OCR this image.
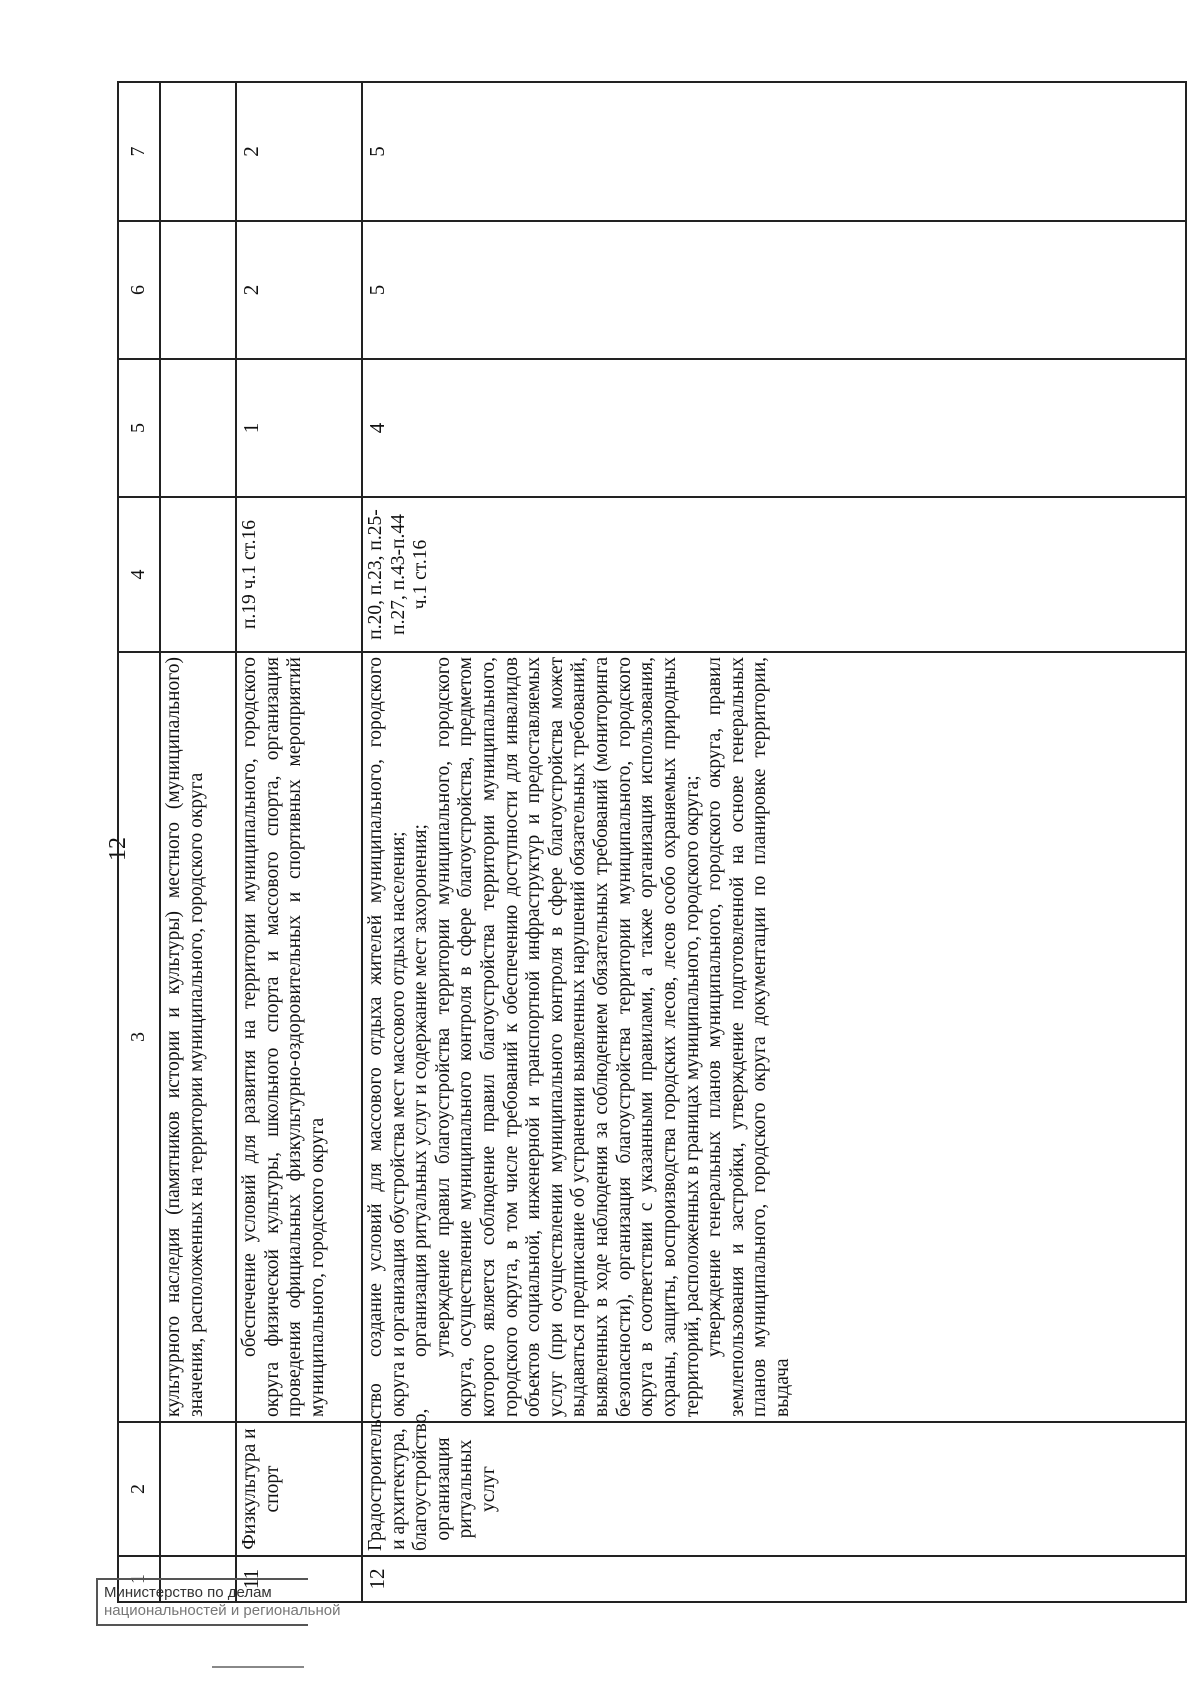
12
1	2	3	4	5	6	7

		культурного наследия (памятников истории и культуры) местного (муниципального) значения, расположенных на территории муниципального, городского округа				

11	Физкультура и спорт	обеспечение условий для развития на территории муниципального, городского округа физической культуры, школьного спорта и массового спорта, организация проведения официальных физкультурно-оздоровительных и спортивных мероприятий муниципального, городского округа	п.19 ч.1 ст.16	1	2	2
12	Градостроительство и архитектура, благоустройство, организация ритуальных услуг	создание условий для массового отдыха жителей муниципального, городского округа и организация обустройства мест массового отдыха населения; организация ритуальных услуг и содержание мест захоронения; утверждение правил благоустройства территории муниципального, городского округа, осуществление муниципального контроля в сфере благоустройства, предметом которого является соблюдение правил благоустройства территории муниципального, городского округа, в том числе требований к обеспечению доступности для инвалидов объектов социальной, инженерной и транспортной инфраструктур и предоставляемых услуг (при осуществлении муниципального контроля в сфере благоустройства может выдаваться предписание об устранении выявленных нарушений обязательных требований, выявленных в ходе наблюдения за соблюдением обязательных требований (мониторинга безопасности), организация благоустройства территории муниципального, городского округа в соответствии с указанными правилами, а также организация использования, охраны, защиты, воспроизводства городских лесов, лесов особо охраняемых природных территорий, расположенных в границах муниципального, городского округа; утверждение генеральных планов муниципального, городского округа, правил землепользования и застройки, утверждение подготовленной на основе генеральных планов муниципального, городского округа документации по планировке территории, выдача	п.20, п.23, п.25-п.27, п.43-п.44 ч.1 ст.16	4	5	5
Министерство по делам
национальностей и региональной
